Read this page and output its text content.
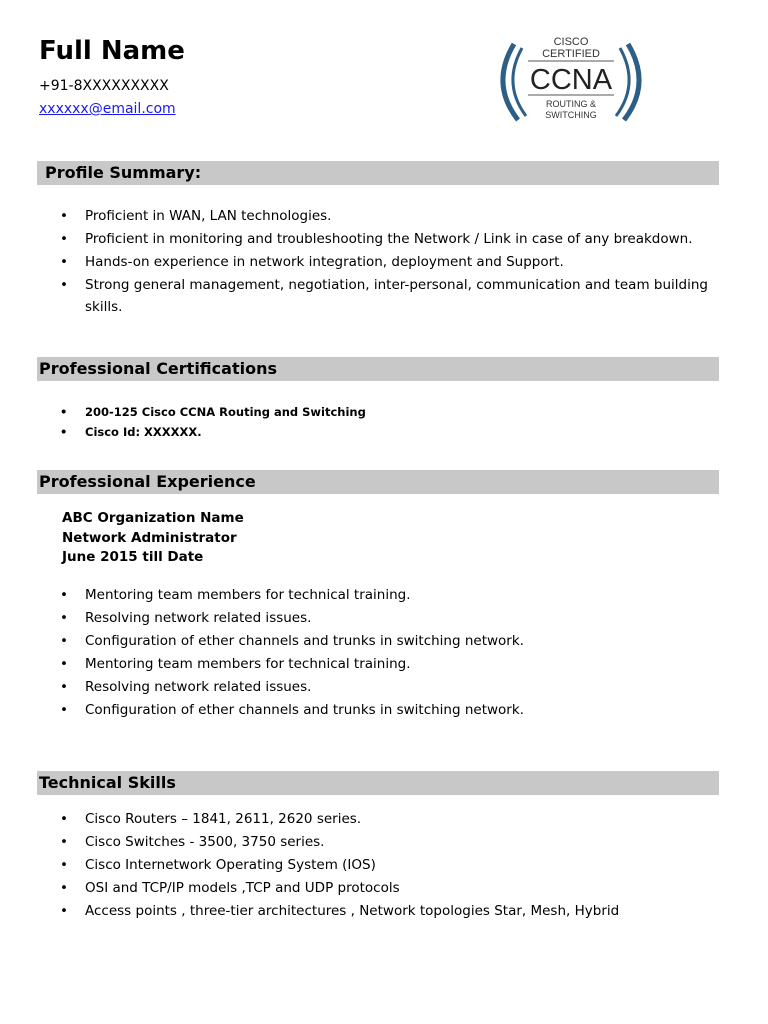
Full Name
+91-8XXXXXXXXX
xxxxxx@email.com
CISCO
CERTIFIED
CCNA
ROUTING &
SWITCHING
Profile Summary:
• Proficient in WAN, LAN technologies.
• Proficient in monitoring and troubleshooting the Network / Link in case of any breakdown.
• Hands-on experience in network integration, deployment and Support.
• Strong general management, negotiation, inter-personal, communication and team building skills.
Professional Certifications
• 200-125 Cisco CCNA Routing and Switching
• Cisco Id: XXXXXX.
Professional Experience
ABC Organization Name
Network Administrator
June 2015 till Date
• Mentoring team members for technical training.
• Resolving network related issues.
• Configuration of ether channels and trunks in switching network.
• Mentoring team members for technical training.
• Resolving network related issues.
• Configuration of ether channels and trunks in switching network.
Technical Skills
• Cisco Routers – 1841, 2611, 2620 series.
• Cisco Switches - 3500, 3750 series.
• Cisco Internetwork Operating System (IOS)
• OSI and TCP/IP models ,TCP and UDP protocols
• Access points , three-tier architectures , Network topologies Star, Mesh, Hybrid
